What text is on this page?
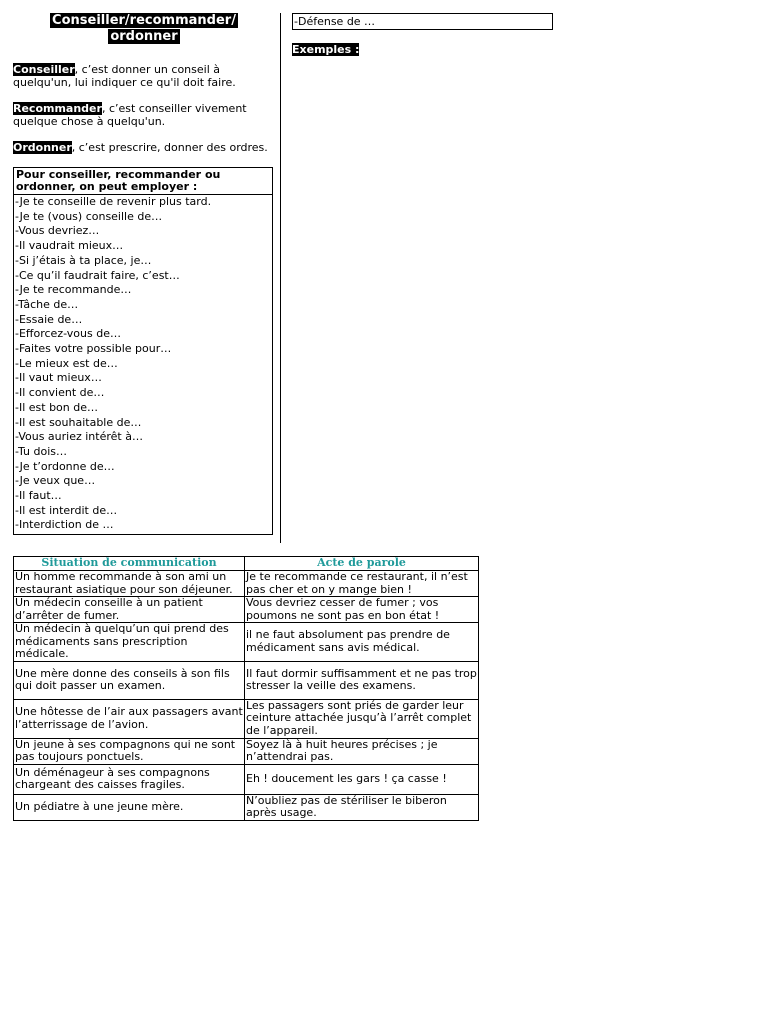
Conseiller/recommander/
ordonner

Conseiller, c’est donner un conseil à quelqu'un, lui indiquer ce qu'il doit faire.

Recommander, c’est conseiller vivement quelque chose à quelqu'un.

Ordonner, c’est prescrire, donner des ordres.

Pour conseiller, recommander ou ordonner, on peut employer :
-Je te conseille de revenir plus tard.
-Je te (vous) conseille de…
-Vous devriez…
-Il vaudrait mieux…
-Si j’étais à ta place, je…
-Ce qu’il faudrait faire, c’est…
-Je te recommande…
-Tâche de…
-Essaie de…
-Efforcez-vous de…
-Faites votre possible pour…
-Le mieux est de…
-Il vaut mieux…
-Il convient de…
-Il est bon de…
-Il est souhaitable de…
-Vous auriez intérêt à…
-Tu dois…
-Je t’ordonne de…
-Je veux que…
-Il faut…
-Il est interdit de…
-Interdiction de …
-Défense de …
Exemples :
Situation de communication	Acte de parole
Un homme recommande à son ami un restaurant asiatique pour son déjeuner.	Je te recommande ce restaurant, il n’est pas cher et on y mange bien !
Un médecin conseille à un patient d’arrêter de fumer.	Vous devriez cesser de fumer ; vos poumons ne sont pas en bon état !
Un médecin à quelqu’un qui prend des médicaments sans prescription médicale.	il ne faut absolument pas prendre de médicament sans avis médical.
Une mère donne des conseils à son fils qui doit passer un examen.	Il faut dormir suffisamment et ne pas trop stresser la veille des examens.
Une hôtesse de l’air aux passagers avant l’atterrissage de l’avion.	Les passagers sont priés de garder leur ceinture attachée jusqu’à l’arrêt complet de l’appareil.
Un jeune à ses compagnons qui ne sont pas toujours ponctuels.	Soyez là à huit heures précises ; je n’attendrai pas.
Un déménageur à ses compagnons chargeant des caisses fragiles.	Eh ! doucement les gars ! ça casse !
Un pédiatre à une jeune mère.	N’oubliez pas de stériliser le biberon après usage.
